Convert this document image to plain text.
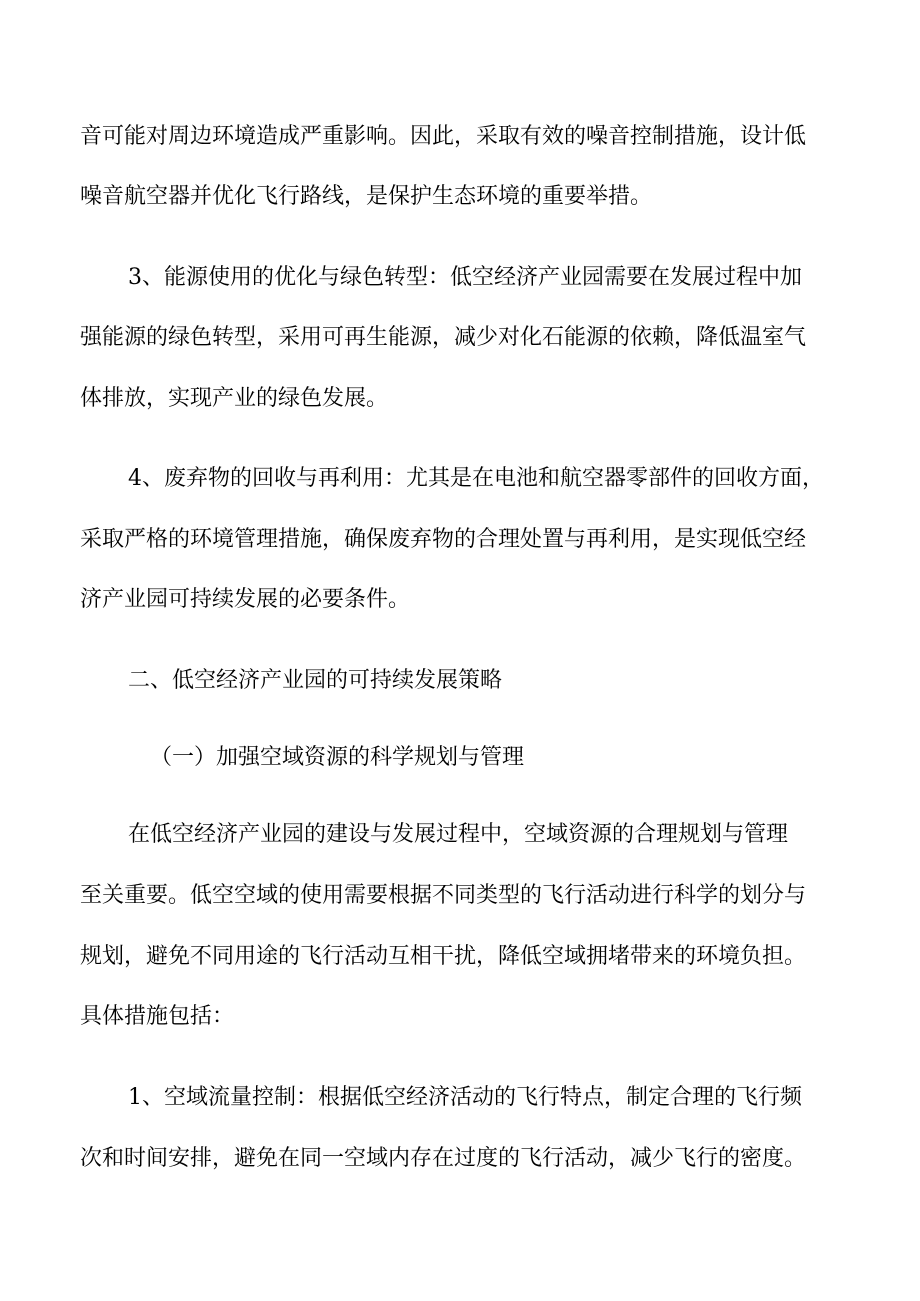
音可能对周边环境造成严重影响。因此，采取有效的噪音控制措施，设计低
噪音航空器并优化飞行路线，是保护生态环境的重要举措。
3、能源使用的优化与绿色转型：低空经济产业园需要在发展过程中加
强能源的绿色转型，采用可再生能源，减少对化石能源的依赖，降低温室气
体排放，实现产业的绿色发展。
4、废弃物的回收与再利用：尤其是在电池和航空器零部件的回收方面，
采取严格的环境管理措施，确保废弃物的合理处置与再利用，是实现低空经
济产业园可持续发展的必要条件。
二、低空经济产业园的可持续发展策略
（一）加强空域资源的科学规划与管理
在低空经济产业园的建设与发展过程中，空域资源的合理规划与管理
至关重要。低空空域的使用需要根据不同类型的飞行活动进行科学的划分与
规划，避免不同用途的飞行活动互相干扰，降低空域拥堵带来的环境负担。
具体措施包括：
1、空域流量控制：根据低空经济活动的飞行特点，制定合理的飞行频
次和时间安排，避免在同一空域内存在过度的飞行活动，减少飞行的密度。
